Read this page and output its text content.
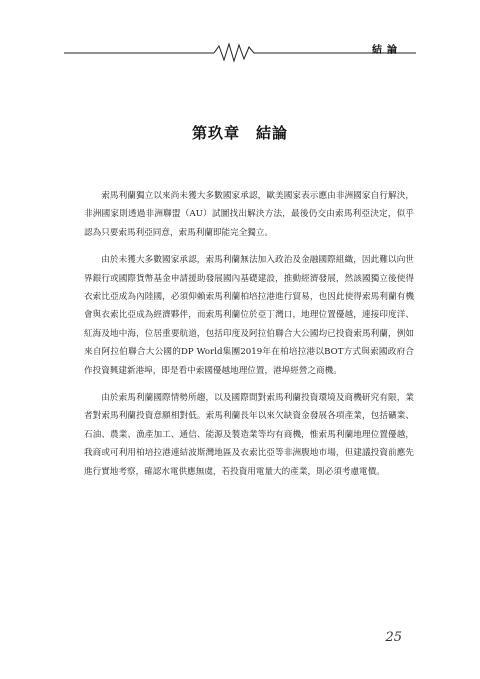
結論
第玖章　結論

索馬利蘭獨立以來尚未獲大多數國家承認，歐美國家表示應由非洲國家自行解決，非洲國家則透過非洲聯盟（AU）試圖找出解決方法，最後仍交由索馬利亞決定，似乎認為只要索馬利亞同意，索馬利蘭即能完全獨立。

由於未獲大多數國家承認，索馬利蘭無法加入政治及金融國際組織，因此難以向世界銀行或國際貨幣基金申請援助發展國內基礎建設，推動經濟發展，然該國獨立後使得衣索比亞成為內陸國，必須仰賴索馬利蘭柏培拉港進行貿易，也因此使得索馬利蘭有機會與衣索比亞成為經濟夥伴，而索馬利蘭位於亞丁灣口，地理位置優越，連接印度洋、紅海及地中海，位居重要航道，包括印度及阿拉伯聯合大公國均已投資索馬利蘭，例如來自阿拉伯聯合大公國的DP World集團2019年在柏培拉港以BOT方式與索國政府合作投資興建新港埠，即是看中索國優越地理位置，港埠經營之商機。

由於索馬利蘭國際情勢所趨，以及國際間對索馬利蘭投資環境及商機研究有限，業者對索馬利蘭投資意願相對低。索馬利蘭長年以來欠缺資金發展各項產業，包括礦業、石油、農業、漁產加工、通信、能源及製造業等均有商機，惟索馬利蘭地理位置優越，我商或可利用柏培拉港連結波斯灣地區及衣索比亞等非洲腹地市場，但建議投資前應先進行實地考察，確認水電供應無虞，若投資用電量大的產業，則必須考慮電價。

25
